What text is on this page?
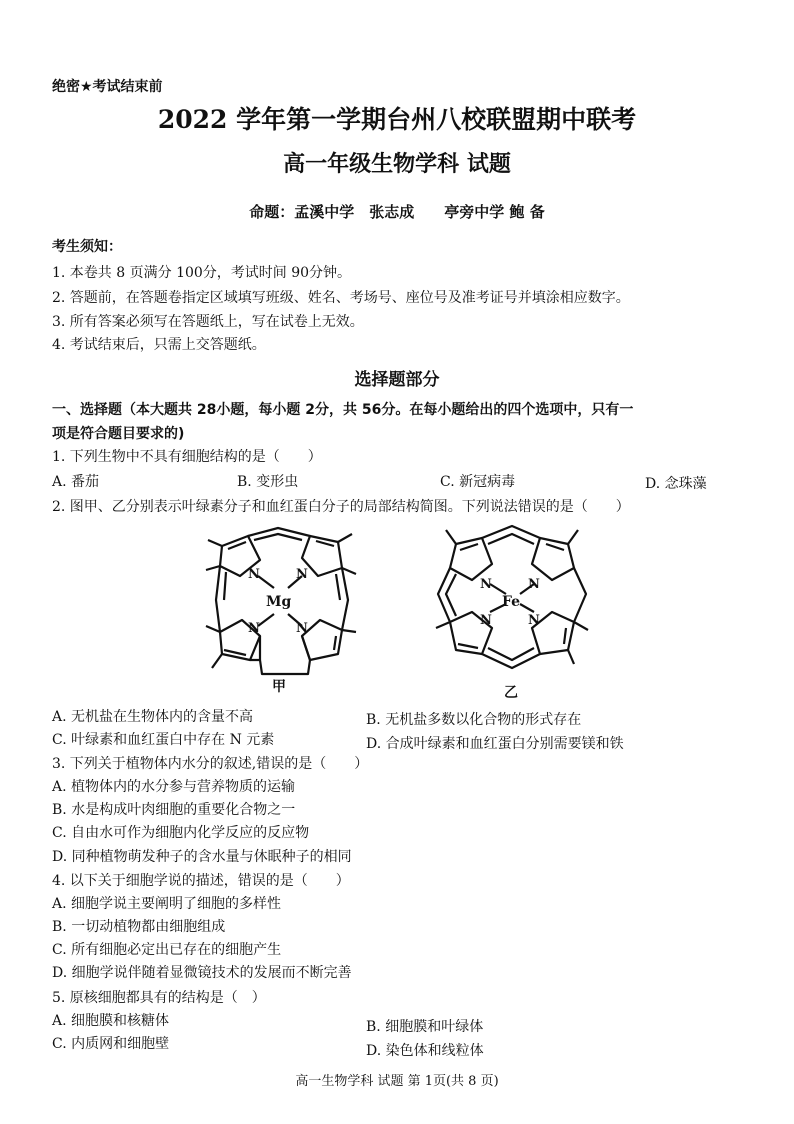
绝密★考试结束前
2022 学年第一学期台州八校联盟期中联考
高一年级生物学科 试题
命题：孟溪中学　张志成　　亭旁中学 鲍 备
考生须知：
1. 本卷共 8 页满分 100分，考试时间 90分钟。
2. 答题前，在答题卷指定区域填写班级、姓名、考场号、座位号及准考证号并填涂相应数字。
3. 所有答案必须写在答题纸上，写在试卷上无效。
4. 考试结束后，只需上交答题纸。
选择题部分
一、选择题（本大题共 28小题，每小题 2分，共 56分。在每小题给出的四个选项中，只有一
项是符合题目要求的)
1. 下列生物中不具有细胞结构的是（　　）
A. 番茄	B. 变形虫	C. 新冠病毒	D. 念珠藻
2. 图甲、乙分别表示叶绿素分子和血红蛋白分子的局部结构简图。下列说法错误的是（　　）
N	N
N	N
Mg
甲
N	N
N	N
Fe
乙
A. 无机盐在生物体内的含量不高	B. 无机盐多数以化合物的形式存在
C. 叶绿素和血红蛋白中存在 N 元素	D. 合成叶绿素和血红蛋白分别需要镁和铁
3. 下列关于植物体内水分的叙述,错误的是（　　）
A. 植物体内的水分参与营养物质的运输
B. 水是构成叶肉细胞的重要化合物之一
C. 自由水可作为细胞内化学反应的反应物
D. 同种植物萌发种子的含水量与休眠种子的相同
4. 以下关于细胞学说的描述，错误的是（　　）
A. 细胞学说主要阐明了细胞的多样性
B. 一切动植物都由细胞组成
C. 所有细胞必定出已存在的细胞产生
D. 细胞学说伴随着显微镜技术的发展而不断完善
5. 原核细胞都具有的结构是（　）
A. 细胞膜和核糖体	B. 细胞膜和叶绿体
C. 内质网和细胞壁	D. 染色体和线粒体
高一生物学科 试题 第 1页(共 8 页)
